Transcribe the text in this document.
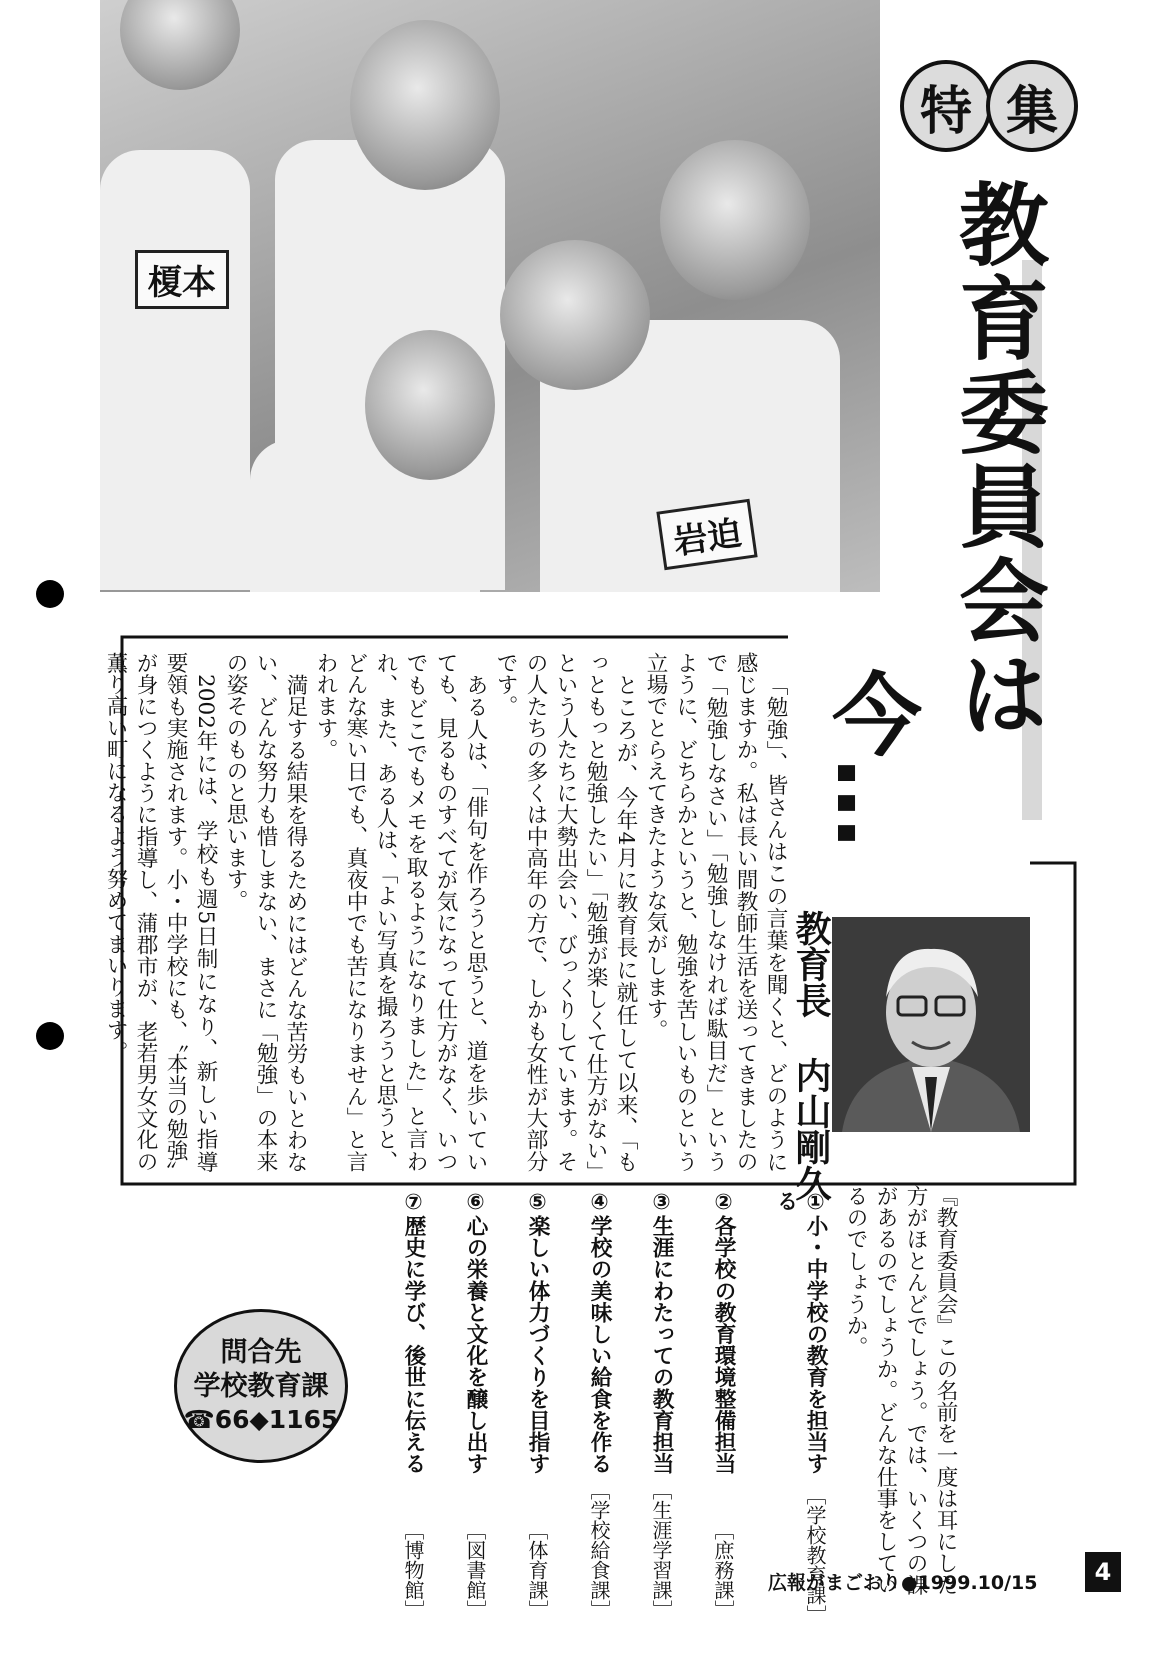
榎本
岩迫
特 集
教育委員会は
今…

「勉強」、皆さんはこの言葉を聞くと、どのように感じますか。私は長い間教師生活を送ってきましたので「勉強しなさい」「勉強しなければ駄目だ」というように、どちらかというと、勉強を苦しいものという立場でとらえてきたような気がします。

ところが、今年4月に教育長に就任して以来、「もっともっと勉強したい」「勉強が楽しくて仕方がない」という人たちに大勢出会い、びっくりしています。その人たちの多くは中高年の方で、しかも女性が大部分です。

ある人は、「俳句を作ろうと思うと、道を歩いていても、見るものすべてが気になって仕方がなく、いつでもどこでもメモを取るようになりました」と言われ、また、ある人は、「よい写真を撮ろうと思うと、どんな寒い日でも、真夜中でも苦になりません」と言われます。

満足する結果を得るためにはどんな苦労もいとわない、どんな努力も惜しまない、まさに「勉強」の本来の姿そのものと思います。

2002年には、学校も週5日制になり、新しい指導要領も実施されます。小・中学校にも、〝本当の勉強〟が身につくように指導し、蒲郡市が、老若男女文化の薫り高い町になるよう努めてまいります。	教育長 内山剛久

『教育委員会』この名前を一度は耳にした方がほとんどでしょう。では、いくつの課があるのでしょうか。どんな仕事をしているのでしょうか。

①小・中学校の教育を担当する
［学校教育課］
②各学校の教育環境整備担当
［庶務課］
③生涯にわたっての教育担当
［生涯学習課］
④学校の美味しい給食を作る
［学校給食課］
⑤楽しい体力づくりを目指す
［体育課］
⑥心の栄養と文化を醸し出す
［図書館］
⑦歴史に学び、後世に伝える
［博物館］
問合先
学校教育課
☎66◆1165
広報がまごおり●1999.10/15	4
